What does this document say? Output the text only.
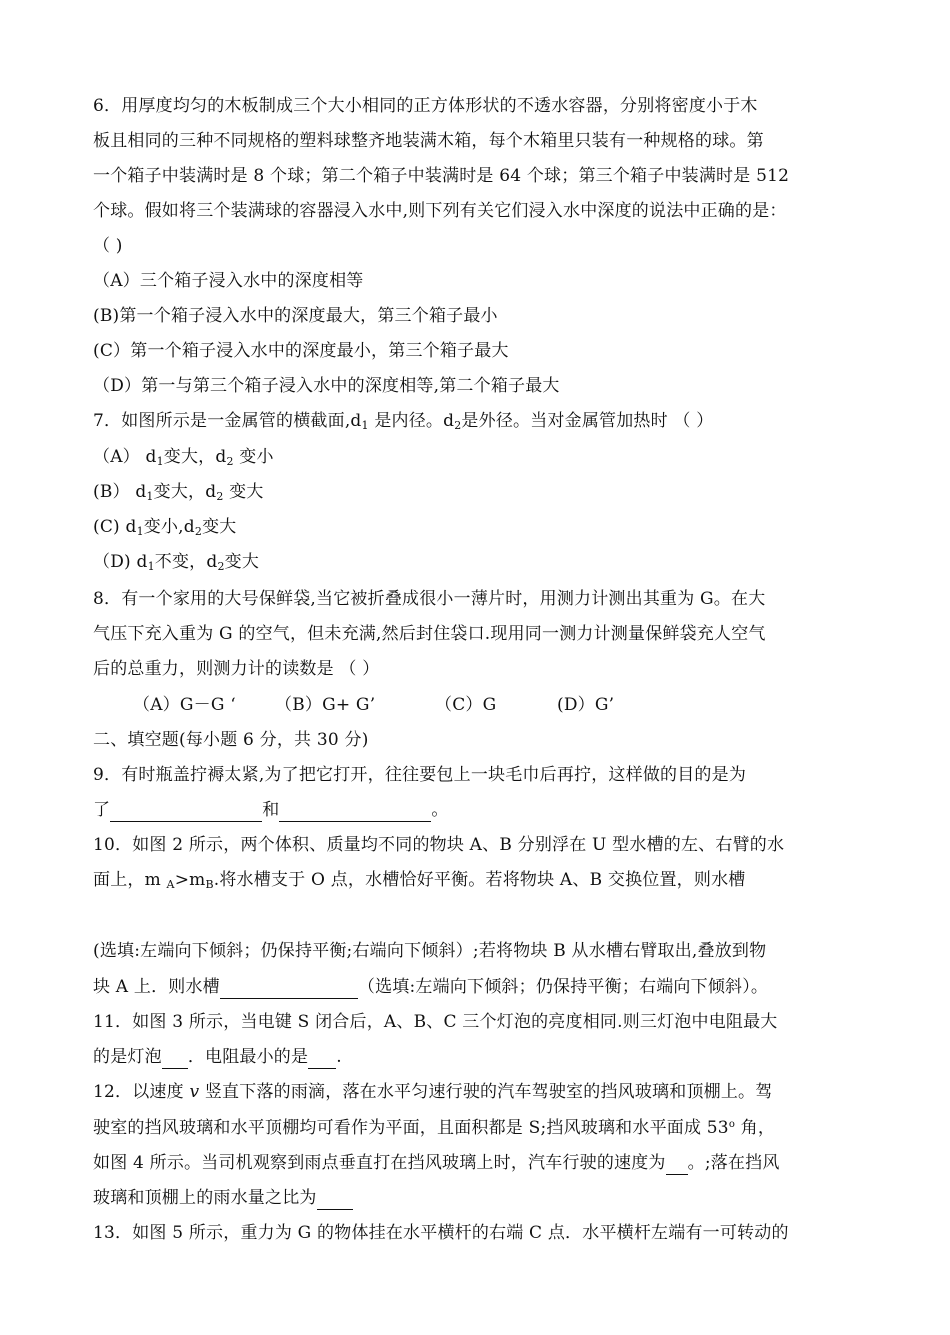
6．用厚度均匀的木板制成三个大小相同的正方体形状的不透水容器，分别将密度小于木
板且相同的三种不同规格的塑料球整齐地装满木箱，每个木箱里只装有一种规格的球。第
一个箱子中装满时是 8 个球；第二个箱子中装满时是 64 个球；第三个箱子中装满时是 512
个球。假如将三个装满球的容器浸入水中,则下列有关它们浸入水中深度的说法中正确的是：
（ )
（A）三个箱子浸入水中的深度相等
(B)第一个箱子浸入水中的深度最大，第三个箱子最小
(C）第一个箱子浸入水中的深度最小，第三个箱子最大
（D）第一与第三个箱子浸入水中的深度相等,第二个箱子最大
7．如图所示是一金属管的横截面$,d_1$ 是内径。$d_2$是外径。当对金属管加热时 （ ）
（A） $d_1$变大，$d_2$ 变小
(B） $d_1$变大，$d_2$ 变大
(C) $d_1$变小$,d_2$变大
（D) $d_1$不变，$d_2$变大
8．有一个家用的大号保鲜袋,当它被折叠成很小一薄片时，用测力计测出其重为 G。在大
气压下充入重为 G 的空气，但未充满,然后封住袋口.现用同一测力计测量保鲜袋充人空气
后的总重力，则测力计的读数是 （ ）
（A）G－G ‘ （B）G+ G’	（C）G	(D）G’
二、填空题(每小题 6 分，共 30 分)
9．有时瓶盖拧褥太紧,为了把它打开，往往要包上一块毛巾后再拧，这样做的目的是为
了	和	。
10．如图 2 所示，两个体积、质量均不同的物块 A、B 分别浮在 U 型水槽的左、右臂的水
面上，m $_A>m_B$.将水槽支于 O 点，水槽恰好平衡。若将物块 A、B 交换位置，则水槽
(选填:左端向下倾斜；仍保持平衡;右端向下倾斜）;若将物块 B 从水槽右臂取出,叠放到物
块 A 上．则水槽	（选填:左端向下倾斜；仍保持平衡；右端向下倾斜）。
11．如图 3 所示，当电键 S 闭合后，A、B、C 三个灯泡的亮度相同.则三灯泡中电阻最大
的是灯泡 ．电阻最小的是 .
12．以速度 v 竖直下落的雨滴，落在水平匀速行驶的汽车驾驶室的挡风玻璃和顶棚上。驾
驶室的挡风玻璃和水平顶棚均可看作为平面，且面积都是 S;挡风玻璃和水平面成 53$^o$ 角，
如图 4 所示。当司机观察到雨点垂直打在挡风玻璃上时，汽车行驶的速度为 。;落在挡风
玻璃和顶棚上的雨水量之比为
13．如图 5 所示，重力为 G 的物体挂在水平横杆的右端 C 点．水平横杆左端有一可转动的
